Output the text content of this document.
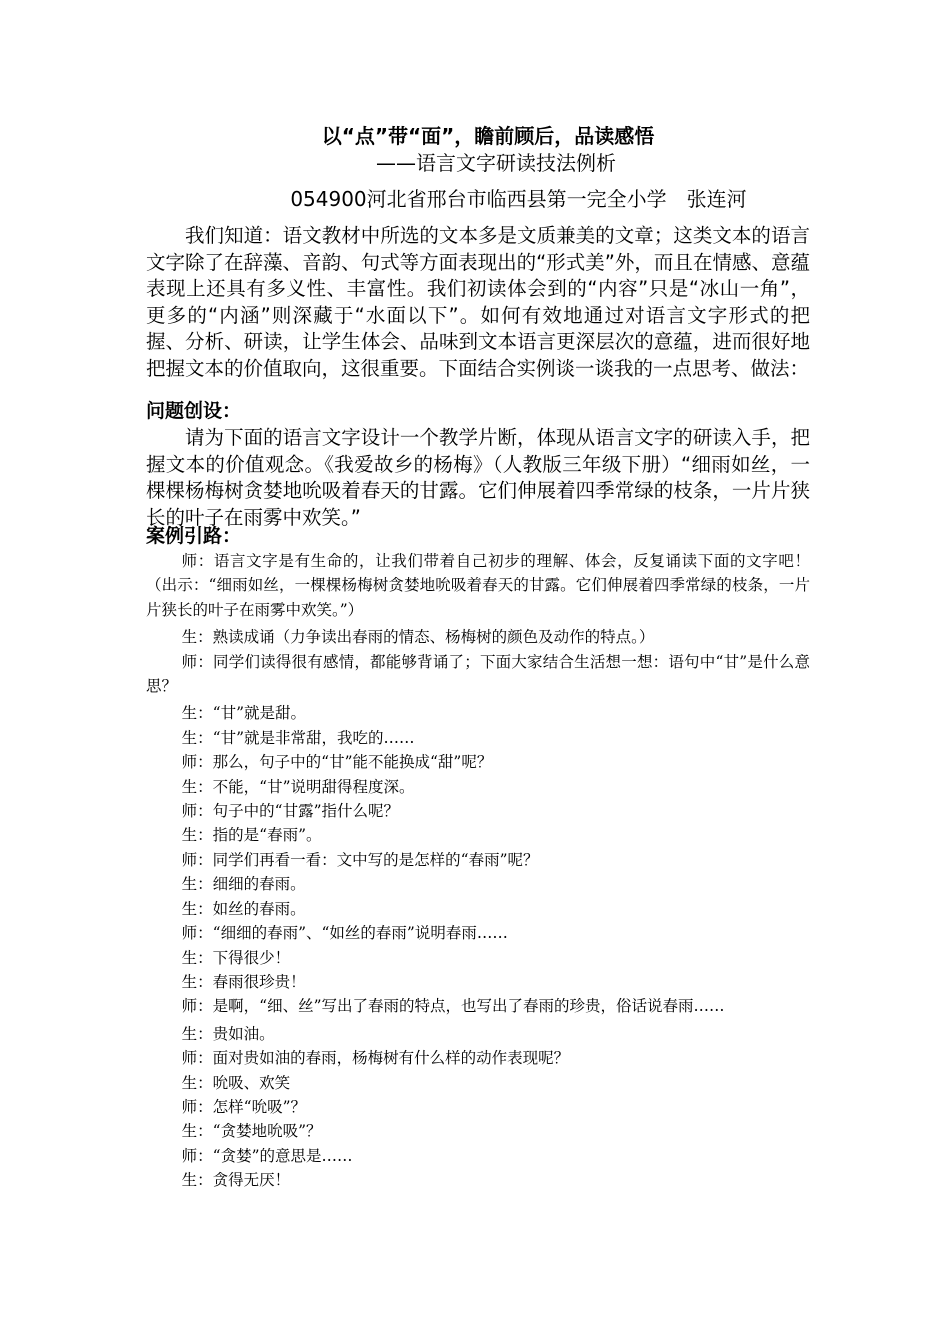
以“点”带“面”，瞻前顾后，品读感悟
——语言文字研读技法例析
054900河北省邢台市临西县第一完全小学　张连河

我们知道：语文教材中所选的文本多是文质兼美的文章；这类文本的语言文字除了在辞藻、音韵、句式等方面表现出的“形式美”外，而且在情感、意蕴表现上还具有多义性、丰富性。我们初读体会到的“内容”只是“冰山一角”，更多的“内涵”则深藏于“水面以下”。如何有效地通过对语言文字形式的把握、分析、研读，让学生体会、品味到文本语言更深层次的意蕴，进而很好地把握文本的价值取向，这很重要。下面结合实例谈一谈我的一点思考、做法：

问题创设：

请为下面的语言文字设计一个教学片断，体现从语言文字的研读入手，把握文本的价值观念。《我爱故乡的杨梅》（人教版三年级下册）“细雨如丝，一棵棵杨梅树贪婪地吮吸着春天的甘露。它们伸展着四季常绿的枝条，一片片狭长的叶子在雨雾中欢笑。”

案例引路：

师：语言文字是有生命的，让我们带着自己初步的理解、体会，反复诵读下面的文字吧！（出示：“细雨如丝，一棵棵杨梅树贪婪地吮吸着春天的甘露。它们伸展着四季常绿的枝条，一片片狭长的叶子在雨雾中欢笑。”）

生：熟读成诵（力争读出春雨的情态、杨梅树的颜色及动作的特点。）

师：同学们读得很有感情，都能够背诵了；下面大家结合生活想一想：语句中“甘”是什么意思？

生：“甘”就是甜。

生：“甘”就是非常甜，我吃的……

师：那么，句子中的“甘”能不能换成“甜”呢？

生：不能，“甘”说明甜得程度深。

师：句子中的“甘露”指什么呢？

生：指的是“春雨”。

师：同学们再看一看：文中写的是怎样的“春雨”呢？

生：细细的春雨。

生：如丝的春雨。

师：“细细的春雨”、“如丝的春雨”说明春雨……

生：下得很少！

生：春雨很珍贵！

师：是啊，“细、丝”写出了春雨的特点，也写出了春雨的珍贵，俗话说春雨……

生：贵如油。

师：面对贵如油的春雨，杨梅树有什么样的动作表现呢？

生：吮吸、欢笑

师：怎样“吮吸”？

生：“贪婪地吮吸”？

师：“贪婪”的意思是……

生：贪得无厌！
